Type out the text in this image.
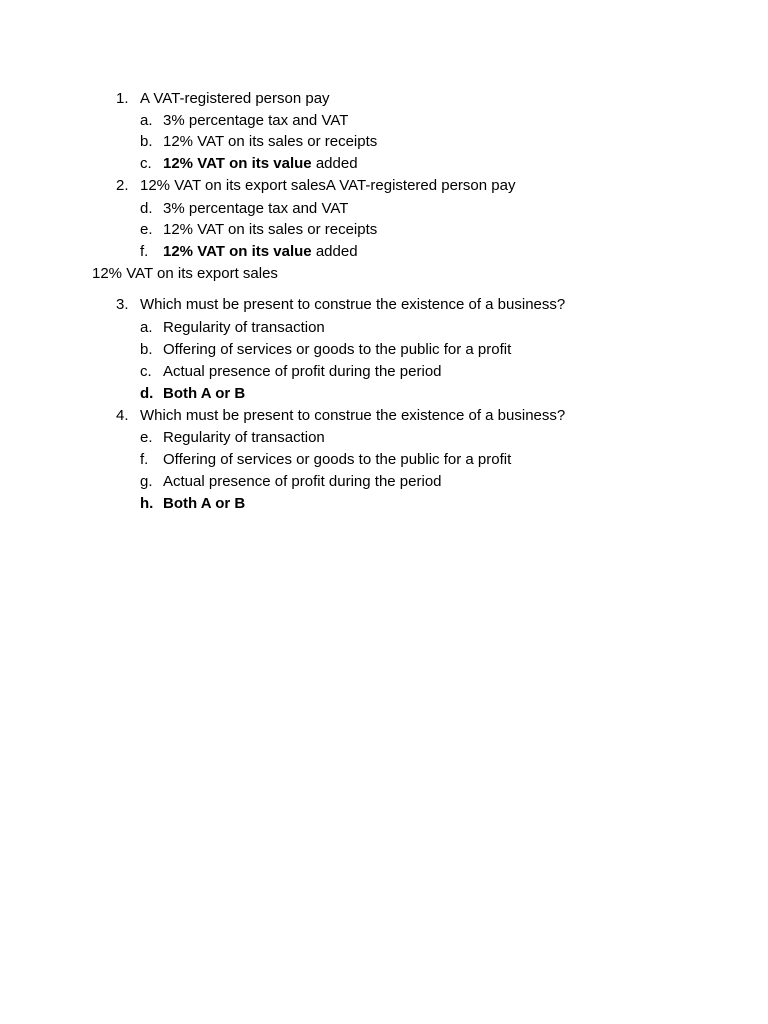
1. A VAT-registered person pay
a. 3% percentage tax and VAT
b. 12% VAT on its sales or receipts
c. 12% VAT on its value added
2. 12% VAT on its export salesA VAT-registered person pay
d. 3% percentage tax and VAT
e. 12% VAT on its sales or receipts
f. 12% VAT on its value added
12% VAT on its export sales
3. Which must be present to construe the existence of a business?
a. Regularity of transaction
b. Offering of services or goods to the public for a profit
c. Actual presence of profit during the period
d. Both A or B
4. Which must be present to construe the existence of a business?
e. Regularity of transaction
f. Offering of services or goods to the public for a profit
g. Actual presence of profit during the period
h. Both A or B
